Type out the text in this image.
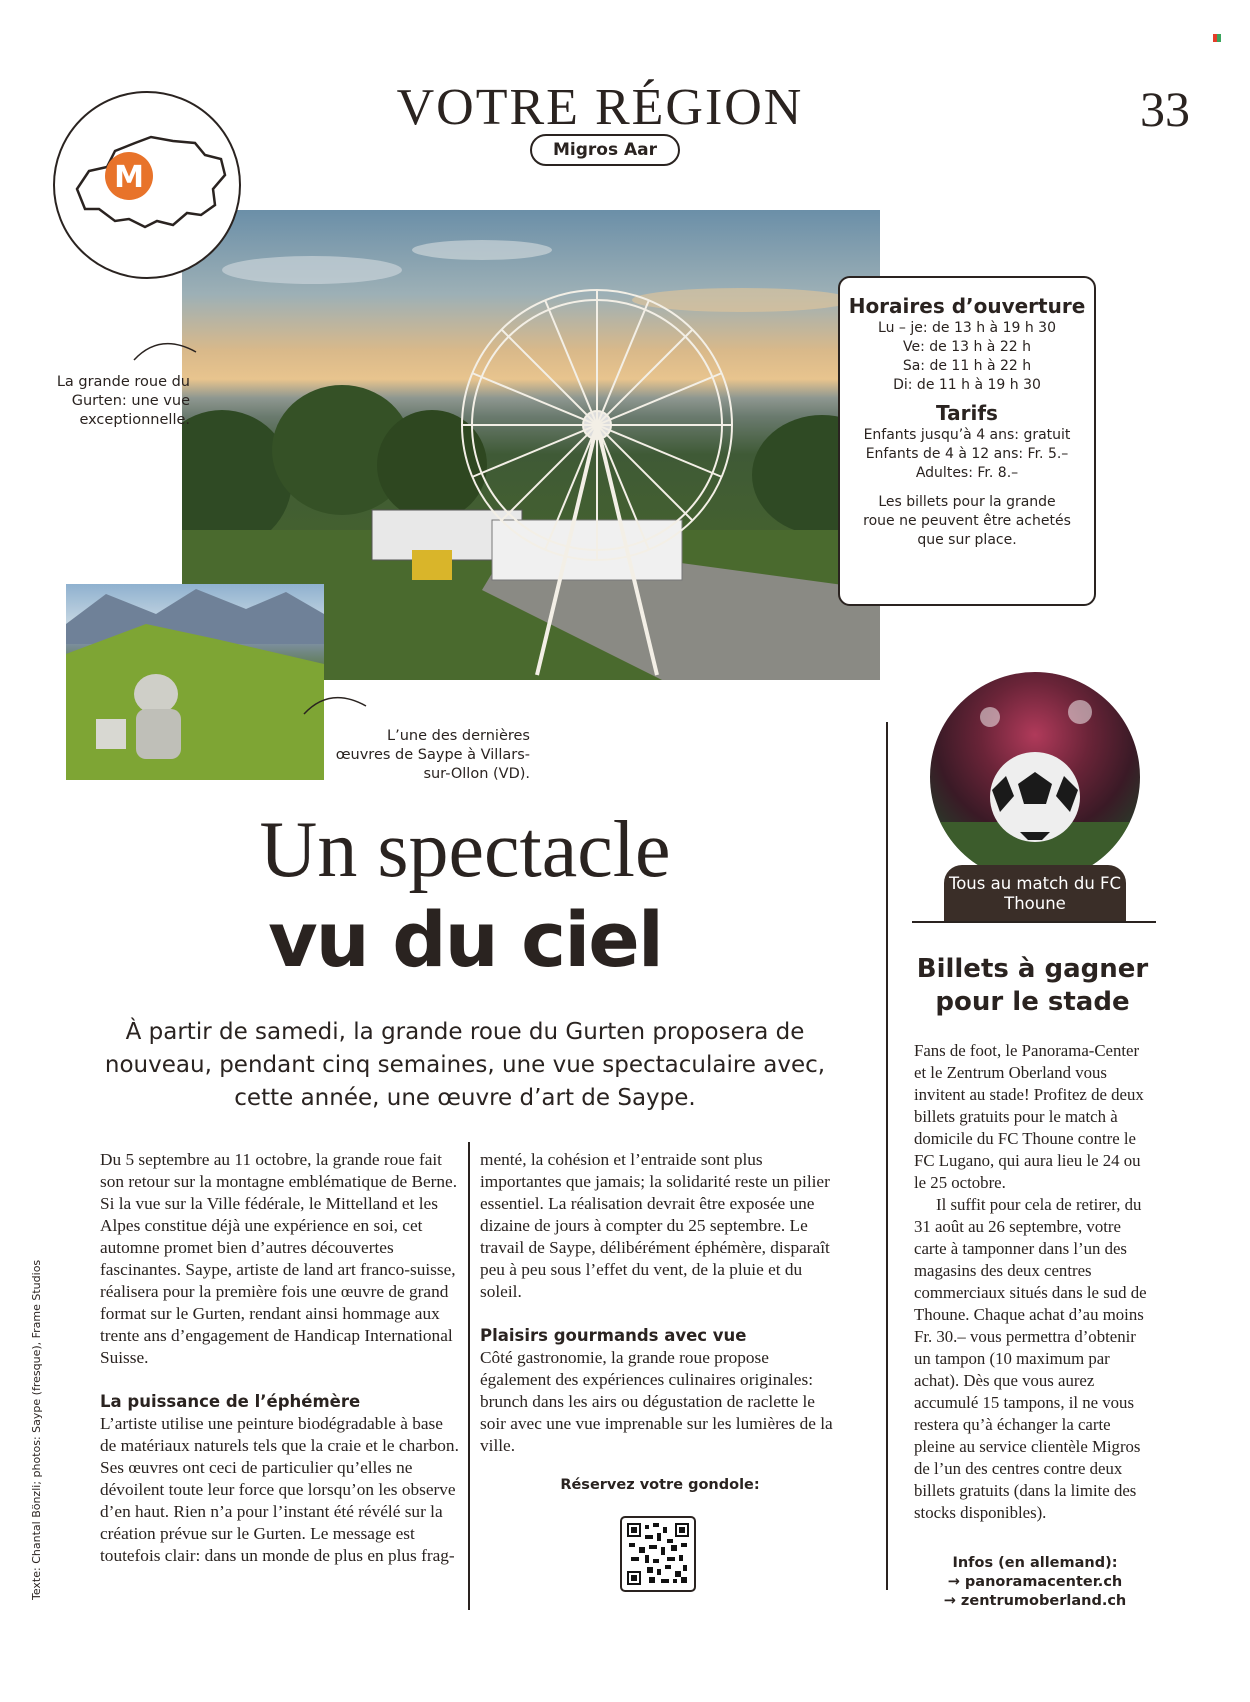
VOTRE RÉGION
Migros Aar
33
M
La grande roue du Gurten: une vue exceptionnelle.
L’une des dernières œuvres de Saype à Villars-sur-Ollon (VD).
Horaires d’ouverture
Lu – je: de 13 h à 19 h 30
Ve: de 13 h à 22 h
Sa: de 11 h à 22 h
Di: de 11 h à 19 h 30
Tarifs
Enfants jusqu’à 4 ans: gratuit
Enfants de 4 à 12 ans: Fr. 5.–
Adultes: Fr. 8.–
Les billets pour la grande roue ne peuvent être achetés que sur place.
Un spectacle
vu du ciel
À partir de samedi, la grande roue du Gurten proposera de nouveau, pendant cinq semaines, une vue spectaculaire avec, cette année, une œuvre d’art de Saype.

Du 5 septembre au 11 octobre, la grande roue fait son retour sur la montagne emblématique de Berne. Si la vue sur la Ville fédérale, le Mittelland et les Alpes constitue déjà une expérience en soi, cet automne promet bien d’autres découvertes fascinantes. Saype, artiste de land art franco-suisse, réalisera pour la première fois une œuvre de grand format sur le Gurten, rendant ainsi hommage aux trente ans d’engagement de Handicap International Suisse.

La puissance de l’éphémère

L’artiste utilise une peinture biodégradable à base de matériaux naturels tels que la craie et le charbon. Ses œuvres ont ceci de particulier qu’elles ne dévoilent toute leur force que lorsqu’on les observe d’en haut. Rien n’a pour l’instant été révélé sur la création prévue sur le Gurten. Le message est toutefois clair: dans un monde de plus en plus frag-

menté, la cohésion et l’entraide sont plus importantes que jamais; la solidarité reste un pilier essentiel. La réalisation devrait être exposée une dizaine de jours à compter du 25 septembre. Le travail de Saype, délibérément éphémère, disparaît peu à peu sous l’effet du vent, de la pluie et du soleil.

Plaisirs gourmands avec vue

Côté gastronomie, la grande roue propose également des expériences culinaires originales: brunch dans les airs ou dégustation de raclette le soir avec une vue imprenable sur les lumières de la ville.

Réservez votre gondole:
Tous au match du FC Thoune
Billets à gagner pour le stade

Fans de foot, le Panorama-Center et le Zentrum Oberland vous invitent au stade! Profitez de deux billets gratuits pour le match à domicile du FC Thoune contre le FC Lugano, qui aura lieu le 24 ou le 25 octobre.

Il suffit pour cela de retirer, du 31 août au 26 septembre, votre carte à tamponner dans l’un des magasins des deux centres commerciaux situés dans le sud de Thoune. Chaque achat d’au moins Fr. 30.– vous permettra d’obtenir un tampon (10 maximum par achat). Dès que vous aurez accumulé 15 tampons, il ne vous restera qu’à échanger la carte pleine au service clientèle Migros de l’un des centres contre deux billets gratuits (dans la limite des stocks disponibles).

Infos (en allemand):
→ panoramacenter.ch
→ zentrumoberland.ch
Texte: Chantal Bönzli; photos: Saype (fresque), Frame Studios
